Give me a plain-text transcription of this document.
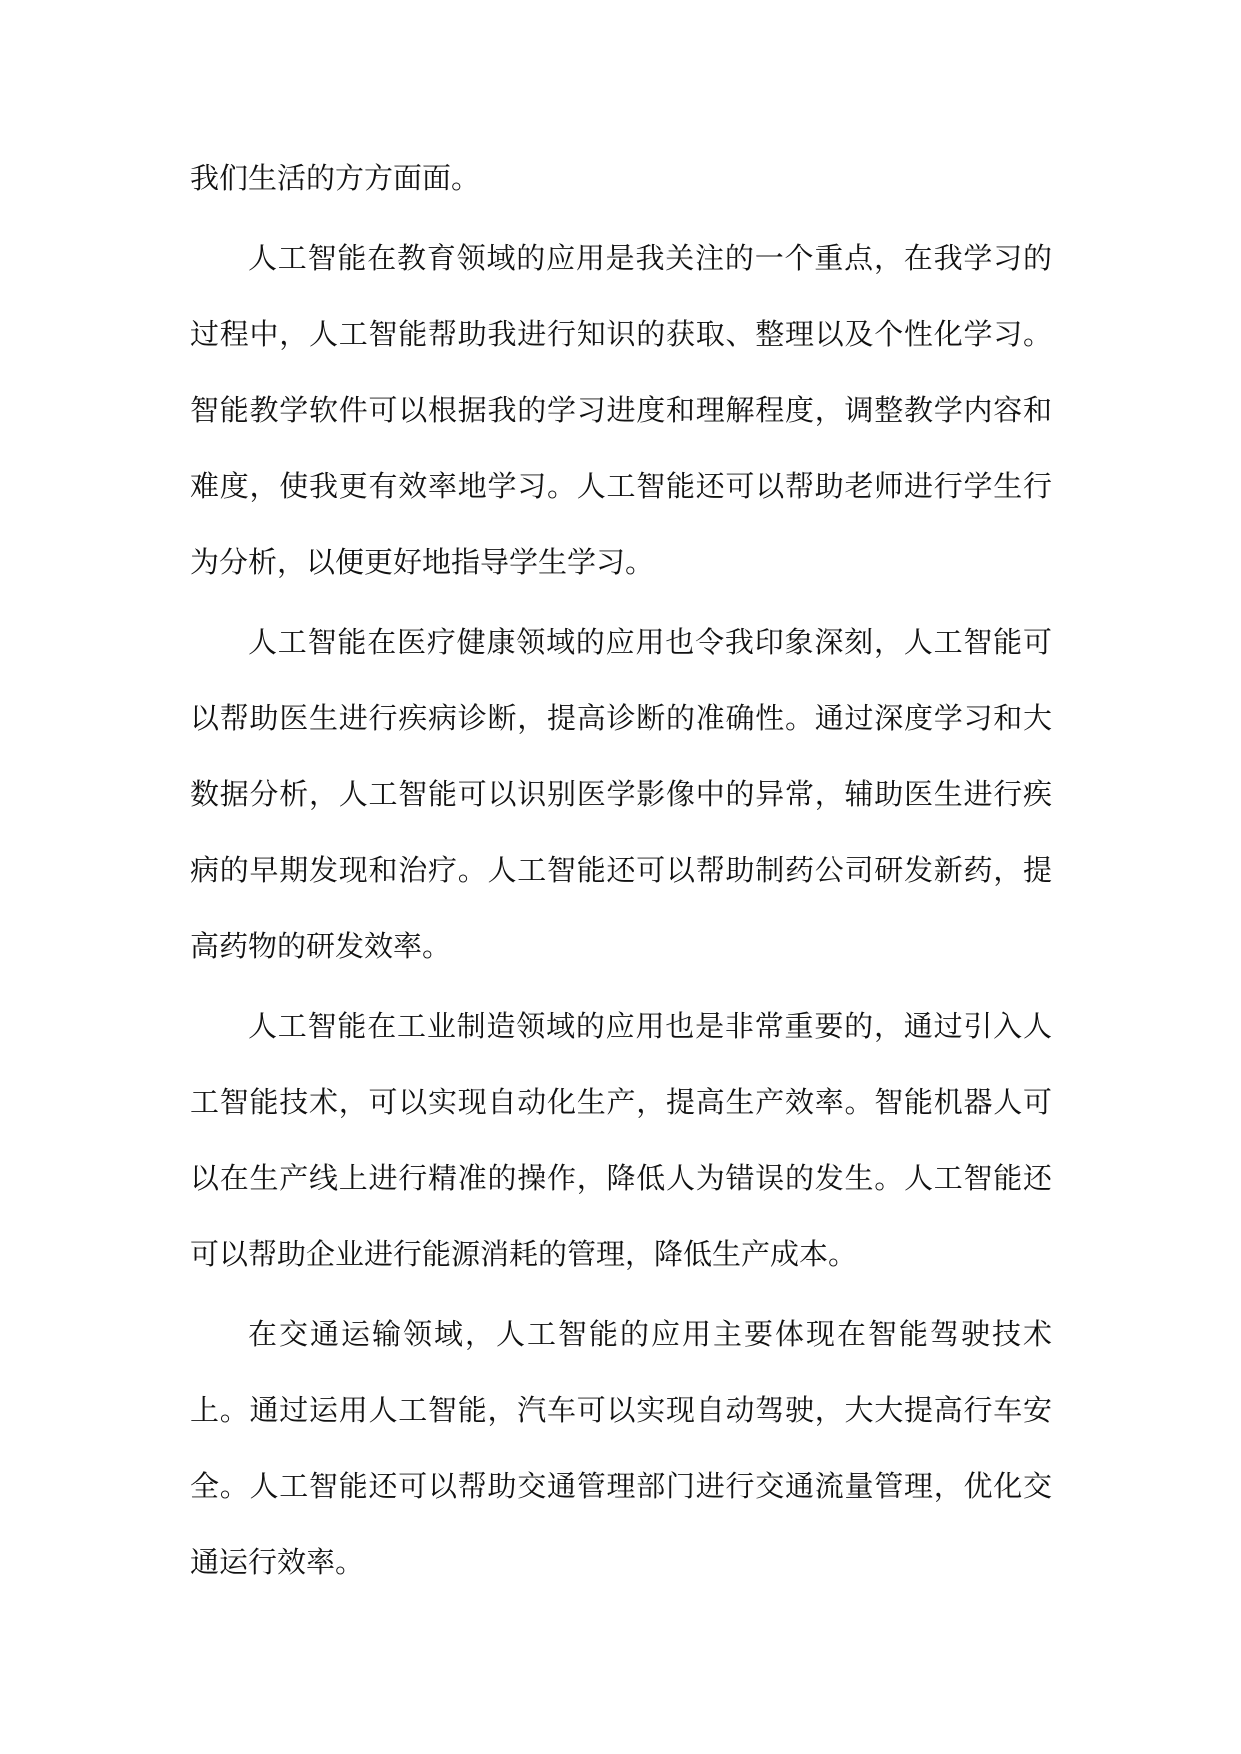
我们生活的方方面面。

人工智能在教育领域的应用是我关注的一个重点，在我学习的过程中，人工智能帮助我进行知识的获取、整理以及个性化学习。智能教学软件可以根据我的学习进度和理解程度，调整教学内容和难度，使我更有效率地学习。人工智能还可以帮助老师进行学生行为分析，以便更好地指导学生学习。

人工智能在医疗健康领域的应用也令我印象深刻，人工智能可以帮助医生进行疾病诊断，提高诊断的准确性。通过深度学习和大数据分析，人工智能可以识别医学影像中的异常，辅助医生进行疾病的早期发现和治疗。人工智能还可以帮助制药公司研发新药，提高药物的研发效率。

人工智能在工业制造领域的应用也是非常重要的，通过引入人工智能技术，可以实现自动化生产，提高生产效率。智能机器人可以在生产线上进行精准的操作，降低人为错误的发生。人工智能还可以帮助企业进行能源消耗的管理，降低生产成本。

在交通运输领域，人工智能的应用主要体现在智能驾驶技术上。通过运用人工智能，汽车可以实现自动驾驶，大大提高行车安全。人工智能还可以帮助交通管理部门进行交通流量管理，优化交通运行效率。
